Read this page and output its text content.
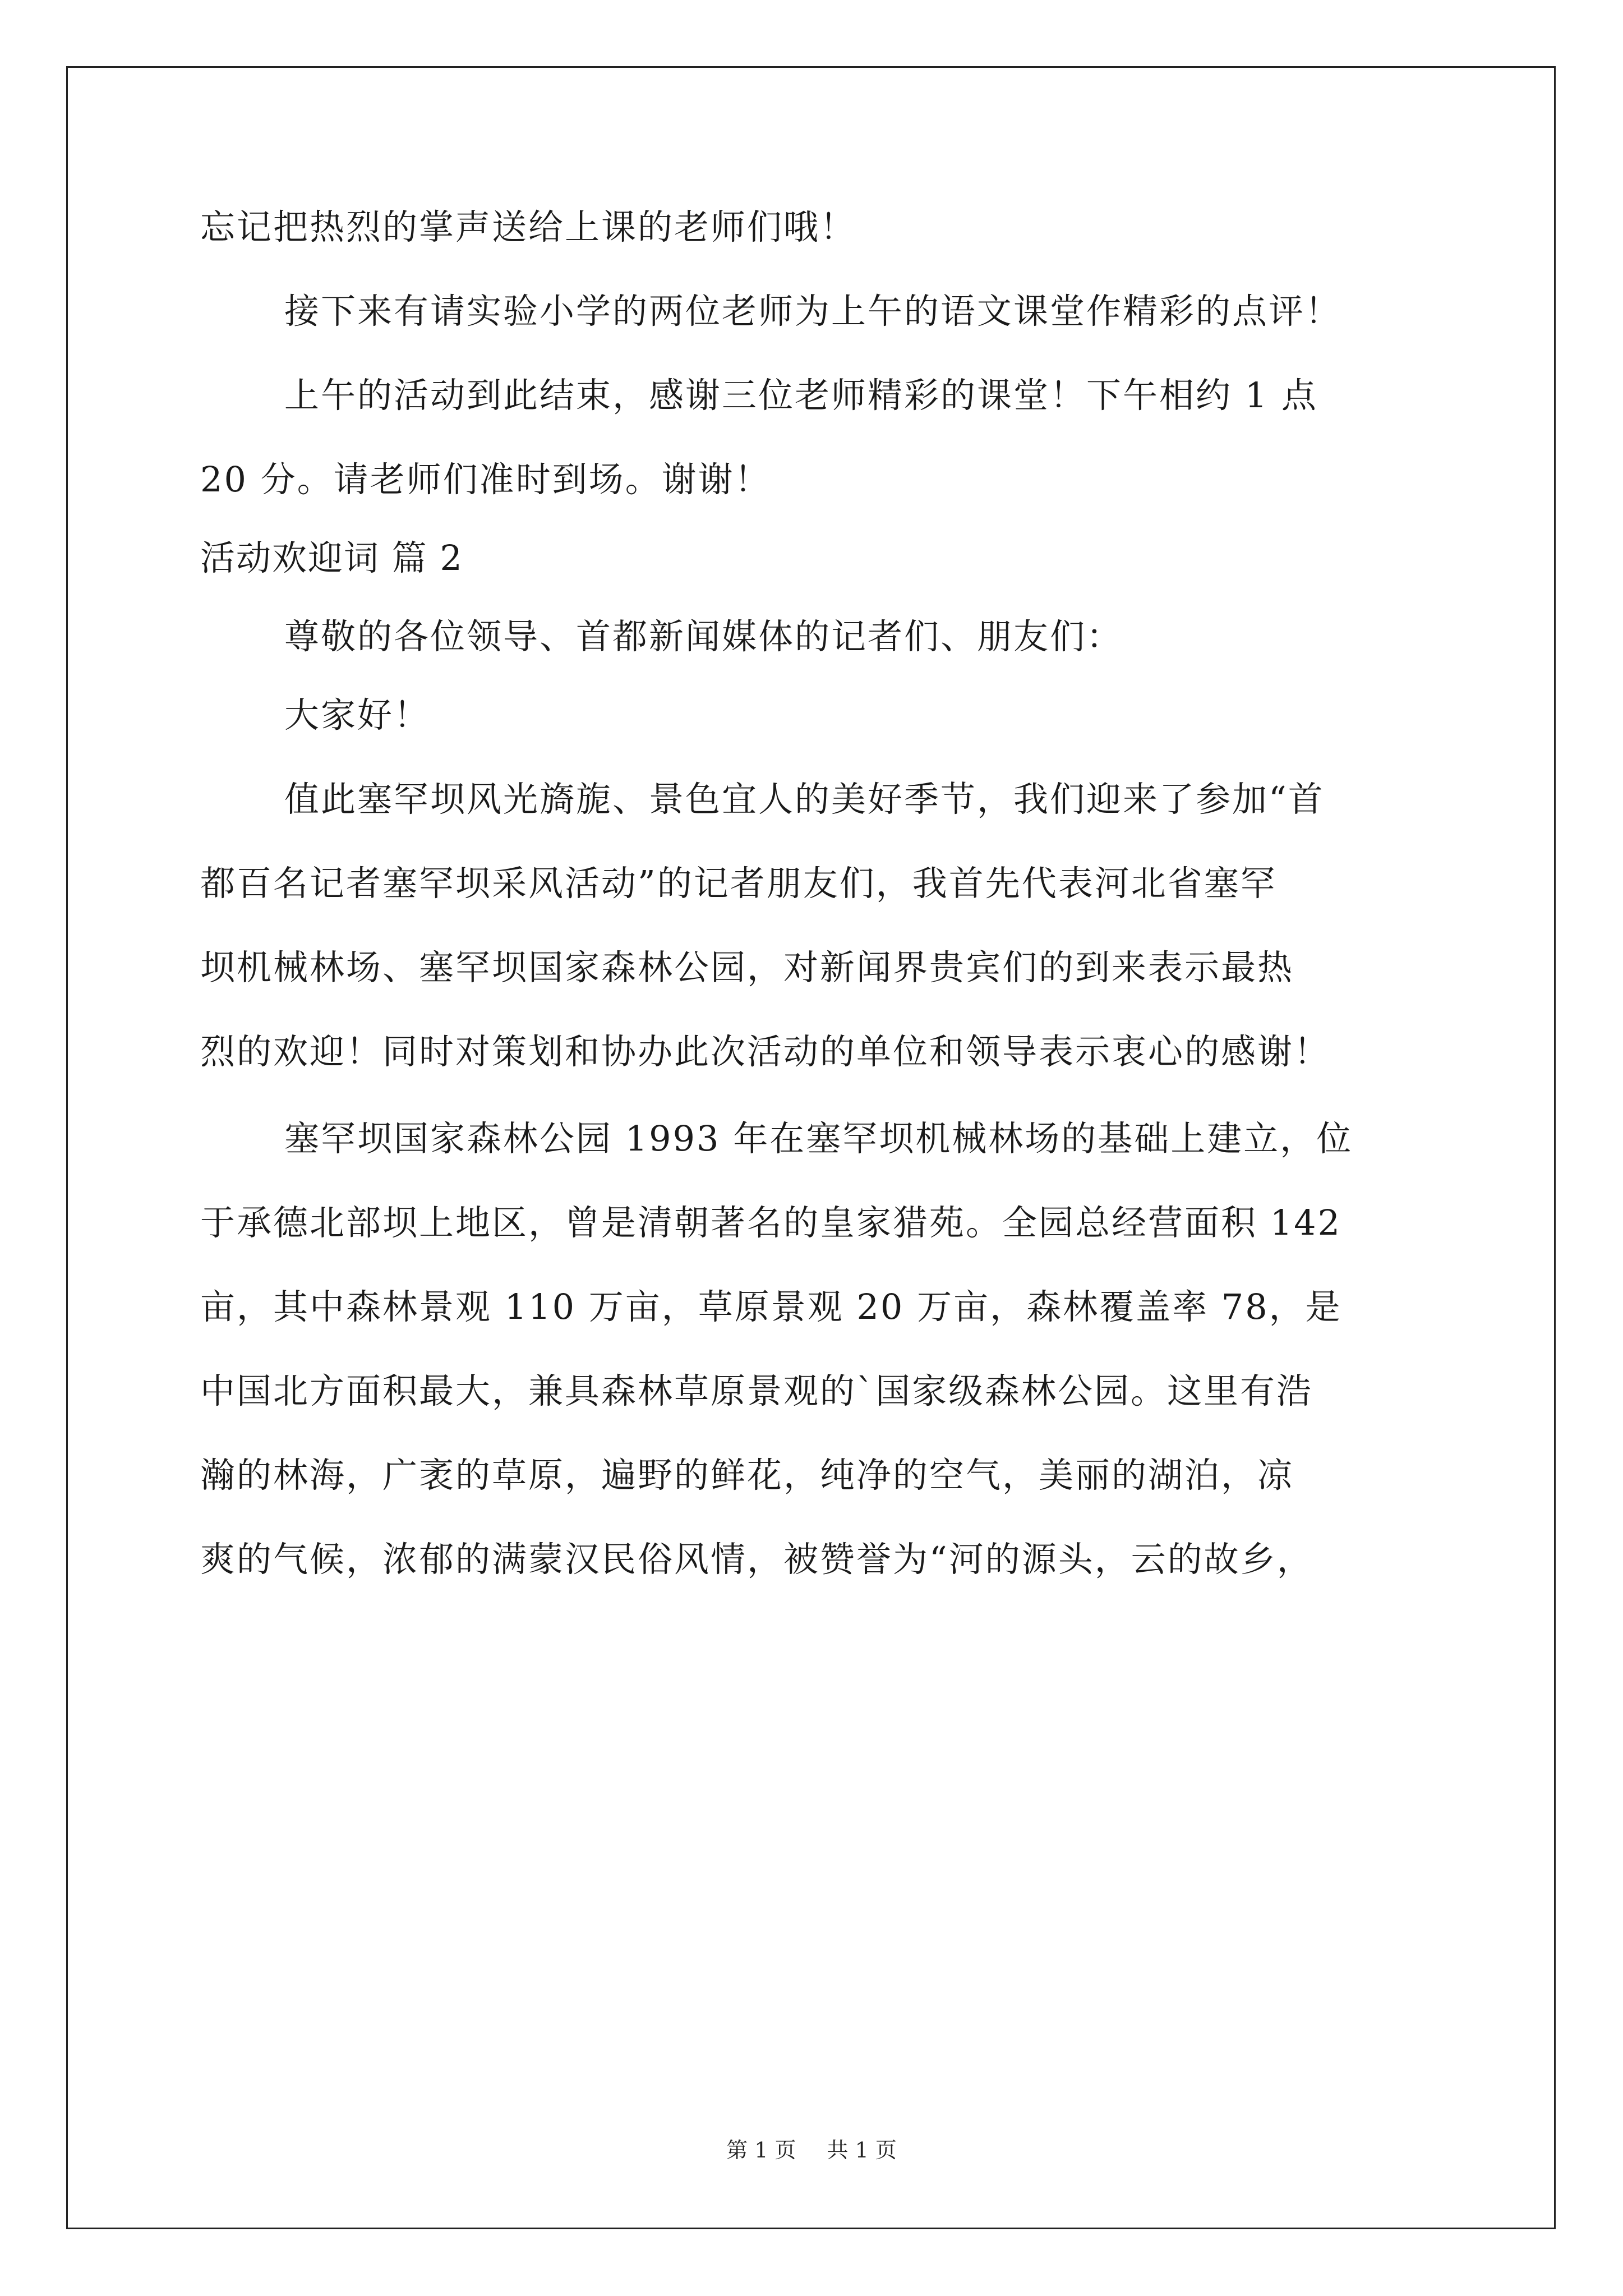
忘记把热烈的掌声送给上课的老师们哦！
接下来有请实验小学的两位老师为上午的语文课堂作精彩的点评！
上午的活动到此结束，感谢三位老师精彩的课堂！下午相约 1 点
20 分。请老师们准时到场。谢谢！
活动欢迎词 篇 2
尊敬的各位领导、首都新闻媒体的记者们、朋友们：
大家好！
值此塞罕坝风光旖旎、景色宜人的美好季节，我们迎来了参加“首
都百名记者塞罕坝采风活动”的记者朋友们，我首先代表河北省塞罕
坝机械林场、塞罕坝国家森林公园，对新闻界贵宾们的到来表示最热
烈的欢迎！同时对策划和协办此次活动的单位和领导表示衷心的感谢！
塞罕坝国家森林公园 1993 年在塞罕坝机械林场的基础上建立，位
于承德北部坝上地区，曾是清朝著名的皇家猎苑。全园总经营面积 142
亩，其中森林景观 110 万亩，草原景观 20 万亩，森林覆盖率 78，是
中国北方面积最大，兼具森林草原景观的`国家级森林公园。这里有浩
瀚的林海，广袤的草原，遍野的鲜花，纯净的空气，美丽的湖泊，凉
爽的气候，浓郁的满蒙汉民俗风情，被赞誉为“河的源头，云的故乡，
第 1 页 共 1 页
